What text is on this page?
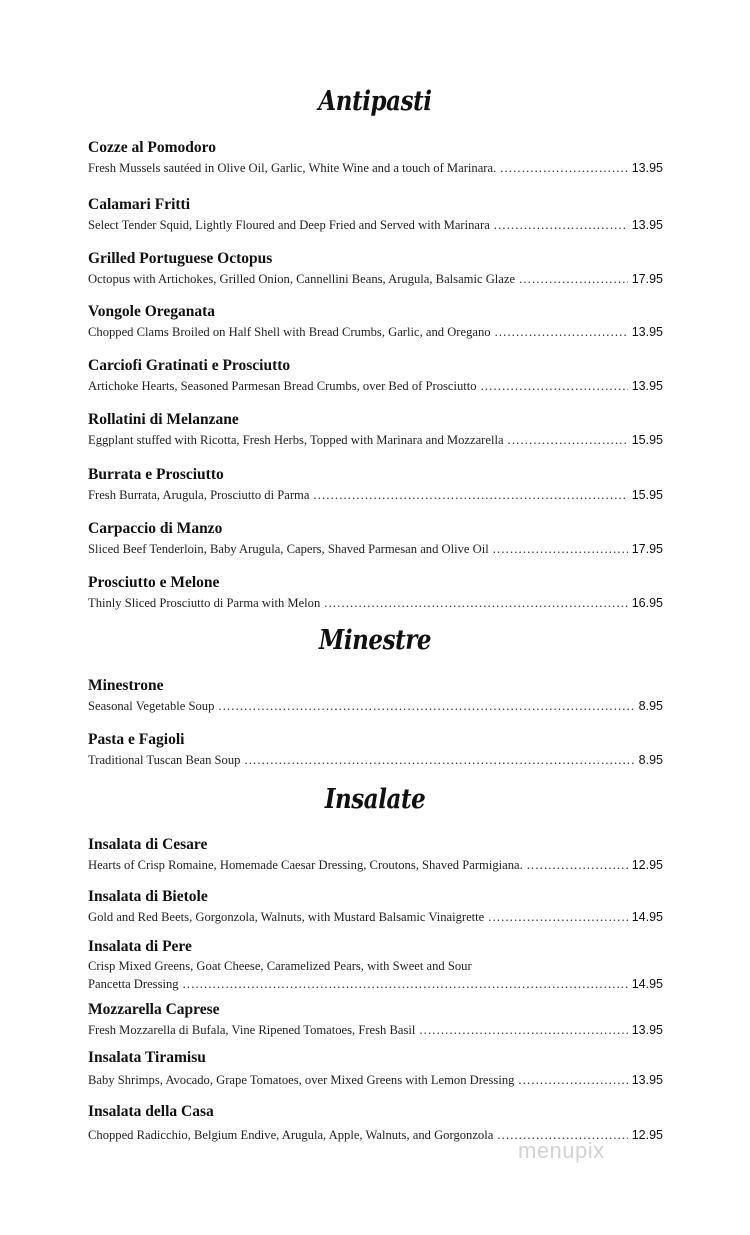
Antipasti
Cozze al Pomodoro
Fresh Mussels sautéed in Olive Oil, Garlic, White Wine and a touch of Marinara. . . .	13.95
Calamari Fritti
Select Tender Squid, Lightly Floured and Deep Fried and Served with Marinara . . .	13.95
Grilled Portuguese Octopus
Octopus with Artichokes, Grilled Onion, Cannellini Beans, Arugula, Balsamic Glaze . . .	17.95
Vongole Oreganata
Chopped Clams Broiled on Half Shell with Bread Crumbs, Garlic, and Oregano . . .	13.95
Carciofi Gratinati e Prosciutto
Artichoke Hearts, Seasoned Parmesan Bread Crumbs, over Bed of Prosciutto . . .	13.95
Rollatini di Melanzane
Eggplant stuffed with Ricotta, Fresh Herbs, Topped with Marinara and Mozzarella . . .	15.95
Burrata e Prosciutto
Fresh Burrata, Arugula, Prosciutto di Parma . . .	15.95
Carpaccio di Manzo
Sliced Beef Tenderloin, Baby Arugula, Capers, Shaved Parmesan and Olive Oil . . .	17.95
Prosciutto e Melone
Thinly Sliced Prosciutto di Parma with Melon . . .	16.95
Minestre
Minestrone
Seasonal Vegetable Soup . . .	8.95
Pasta e Fagioli
Traditional Tuscan Bean Soup . . .	8.95
Insalate
Insalata di Cesare
Hearts of Crisp Romaine, Homemade Caesar Dressing, Croutons, Shaved Parmigiana. . . .	12.95
Insalata di Bietole
Gold and Red Beets, Gorgonzola, Walnuts, with Mustard Balsamic Vinaigrette . . .	14.95
Insalata di Pere
Crisp Mixed Greens, Goat Cheese, Caramelized Pears, with Sweet and Sour
Pancetta Dressing . . .	14.95
Mozzarella Caprese
Fresh Mozzarella di Bufala, Vine Ripened Tomatoes, Fresh Basil . . .	13.95
Insalata Tiramisu
Baby Shrimps, Avocado, Grape Tomatoes, over Mixed Greens with Lemon Dressing . . .	13.95
Insalata della Casa
Chopped Radicchio, Belgium Endive, Arugula, Apple, Walnuts, and Gorgonzola . . .	12.95
menupix
